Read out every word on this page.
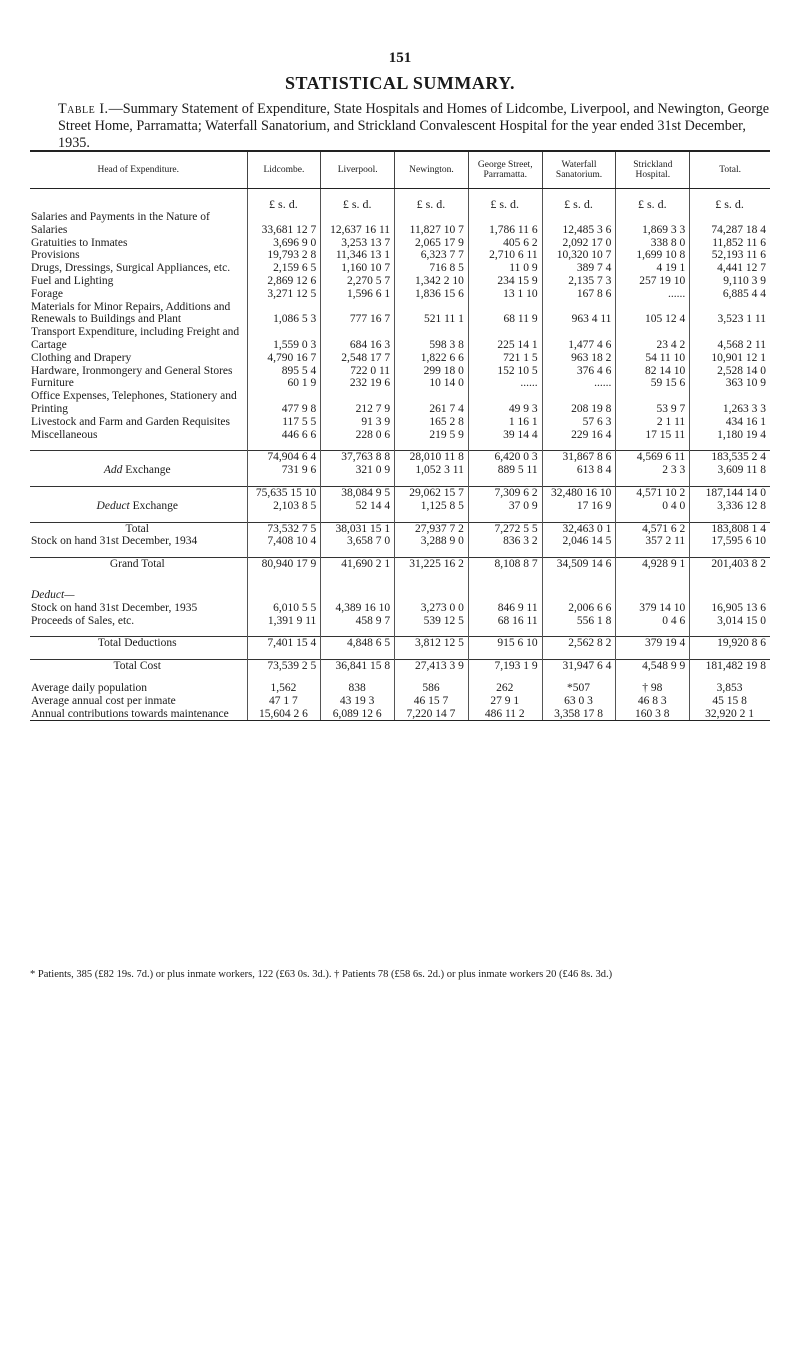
151
STATISTICAL SUMMARY.
Table I.—Summary Statement of Expenditure, State Hospitals and Homes of Lidcombe, Liverpool, and Newington, George Street Home, Parramatta; Waterfall Sanatorium, and Strickland Convalescent Hospital for the year ended 31st December, 1935.
Head of Expenditure.	Lidcombe.	Liverpool.	Newington.	George Street, Parramatta.	Waterfall Sanatorium.	Strickland Hospital.	Total.
	£ s. d.	£ s. d.	£ s. d.	£ s. d.	£ s. d.	£ s. d.	£ s. d.
Salaries and Payments in the Nature of Salaries	33,681 12 7	12,637 16 11	11,827 10 7	1,786 11 6	12,485 3 6	1,869 3 3	74,287 18 4
Gratuities to Inmates	3,696 9 0	3,253 13 7	2,065 17 9	405 6 2	2,092 17 0	338 8 0	11,852 11 6
Provisions	19,793 2 8	11,346 13 1	6,323 7 7	2,710 6 11	10,320 10 7	1,699 10 8	52,193 11 6
Drugs, Dressings, Surgical Appliances, etc.	2,159 6 5	1,160 10 7	716 8 5	11 0 9	389 7 4	4 19 1	4,441 12 7
Fuel and Lighting	2,869 12 6	2,270 5 7	1,342 2 10	234 15 9	2,135 7 3	257 19 10	9,110 3 9
Forage	3,271 12 5	1,596 6 1	1,836 15 6	13 1 10	167 8 6	......	6,885 4 4
Materials for Minor Repairs, Additions and Renewals to Buildings and Plant	1,086 5 3	777 16 7	521 11 1	68 11 9	963 4 11	105 12 4	3,523 1 11
Transport Expenditure, including Freight and Cartage	1,559 0 3	684 16 3	598 3 8	225 14 1	1,477 4 6	23 4 2	4,568 2 11
Clothing and Drapery	4,790 16 7	2,548 17 7	1,822 6 6	721 1 5	963 18 2	54 11 10	10,901 12 1
Hardware, Ironmongery and General Stores	895 5 4	722 0 11	299 18 0	152 10 5	376 4 6	82 14 10	2,528 14 0
Furniture	60 1 9	232 19 6	10 14 0	......	......	59 15 6	363 10 9
Office Expenses, Telephones, Stationery and Printing	477 9 8	212 7 9	261 7 4	49 9 3	208 19 8	53 9 7	1,263 3 3
Livestock and Farm and Garden Requisites	117 5 5	91 3 9	165 2 8	1 16 1	57 6 3	2 1 11	434 16 1
Miscellaneous	446 6 6	228 0 6	219 5 9	39 14 4	229 16 4	17 15 11	1,180 19 4

	74,904 6 4	37,763 8 8	28,010 11 8	6,420 0 3	31,867 8 6	4,569 6 11	183,535 2 4
Add Exchange	731 9 6	321 0 9	1,052 3 11	889 5 11	613 8 4	2 3 3	3,609 11 8

	75,635 15 10	38,084 9 5	29,062 15 7	7,309 6 2	32,480 16 10	4,571 10 2	187,144 14 0
Deduct Exchange	2,103 8 5	52 14 4	1,125 8 5	37 0 9	17 16 9	0 4 0	3,336 12 8

Total	73,532 7 5	38,031 15 1	27,937 7 2	7,272 5 5	32,463 0 1	4,571 6 2	183,808 1 4
Stock on hand 31st December, 1934	7,408 10 4	3,658 7 0	3,288 9 0	836 3 2	2,046 14 5	357 2 11	17,595 6 10

Grand Total	80,940 17 9	41,690 2 1	31,225 16 2	8,108 8 7	34,509 14 6	4,928 9 1	201,403 8 2

Deduct—							
Stock on hand 31st December, 1935	6,010 5 5	4,389 16 10	3,273 0 0	846 9 11	2,006 6 6	379 14 10	16,905 13 6
Proceeds of Sales, etc.	1,391 9 11	458 9 7	539 12 5	68 16 11	556 1 8	0 4 6	3,014 15 0

Total Deductions	7,401 15 4	4,848 6 5	3,812 12 5	915 6 10	2,562 8 2	379 19 4	19,920 8 6

Total Cost	73,539 2 5	36,841 15 8	27,413 3 9	7,193 1 9	31,947 6 4	4,548 9 9	181,482 19 8

Average daily population	1,562	838	586	262	*507	† 98	3,853
Average annual cost per inmate	47 1 7	43 19 3	46 15 7	27 9 1	63 0 3	46 8 3	45 15 8
Annual contributions towards maintenance	15,604 2 6	6,089 12 6	7,220 14 7	486 11 2	3,358 17 8	160 3 8	32,920 2 1
* Patients, 385 (£82 19s. 7d.) or plus inmate workers, 122 (£63 0s. 3d.). † Patients 78 (£58 6s. 2d.) or plus inmate workers 20 (£46 8s. 3d.)
